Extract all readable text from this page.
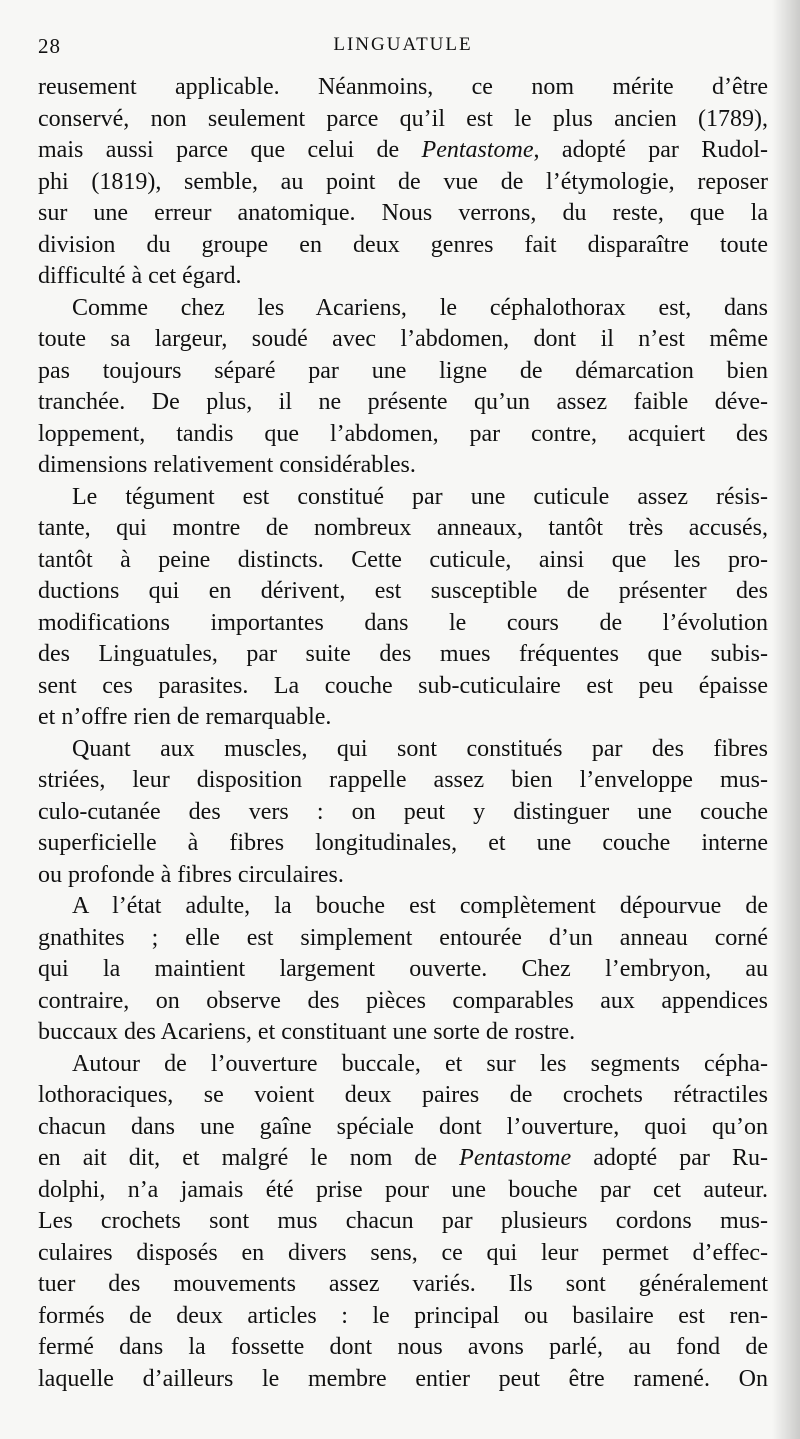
28	LINGUATULE
reusement applicable. Néanmoins, ce nom mérite d’être
conservé, non seulement parce qu’il est le plus ancien (1789),
mais aussi parce que celui de Pentastome, adopté par Rudol-
phi (1819), semble, au point de vue de l’étymologie, reposer
sur une erreur anatomique. Nous verrons, du reste, que la
division du groupe en deux genres fait disparaître toute
difficulté à cet égard.
Comme chez les Acariens, le céphalothorax est, dans
toute sa largeur, soudé avec l’abdomen, dont il n’est même
pas toujours séparé par une ligne de démarcation bien
tranchée. De plus, il ne présente qu’un assez faible déve-
loppement, tandis que l’abdomen, par contre, acquiert des
dimensions relativement considérables.
Le tégument est constitué par une cuticule assez résis-
tante, qui montre de nombreux anneaux, tantôt très accusés,
tantôt à peine distincts. Cette cuticule, ainsi que les pro-
ductions qui en dérivent, est susceptible de présenter des
modifications importantes dans le cours de l’évolution
des Linguatules, par suite des mues fréquentes que subis-
sent ces parasites. La couche sub-cuticulaire est peu épaisse
et n’offre rien de remarquable.
Quant aux muscles, qui sont constitués par des fibres
striées, leur disposition rappelle assez bien l’enveloppe mus-
culo-cutanée des vers : on peut y distinguer une couche
superficielle à fibres longitudinales, et une couche interne
ou profonde à fibres circulaires.
A l’état adulte, la bouche est complètement dépourvue de
gnathites ; elle est simplement entourée d’un anneau corné
qui la maintient largement ouverte. Chez l’embryon, au
contraire, on observe des pièces comparables aux appendices
buccaux des Acariens, et constituant une sorte de rostre.
Autour de l’ouverture buccale, et sur les segments cépha-
lothoraciques, se voient deux paires de crochets rétractiles
chacun dans une gaîne spéciale dont l’ouverture, quoi qu’on
en ait dit, et malgré le nom de Pentastome adopté par Ru-
dolphi, n’a jamais été prise pour une bouche par cet auteur.
Les crochets sont mus chacun par plusieurs cordons mus-
culaires disposés en divers sens, ce qui leur permet d’effec-
tuer des mouvements assez variés. Ils sont généralement
formés de deux articles : le principal ou basilaire est ren-
fermé dans la fossette dont nous avons parlé, au fond de
laquelle d’ailleurs le membre entier peut être ramené. On
